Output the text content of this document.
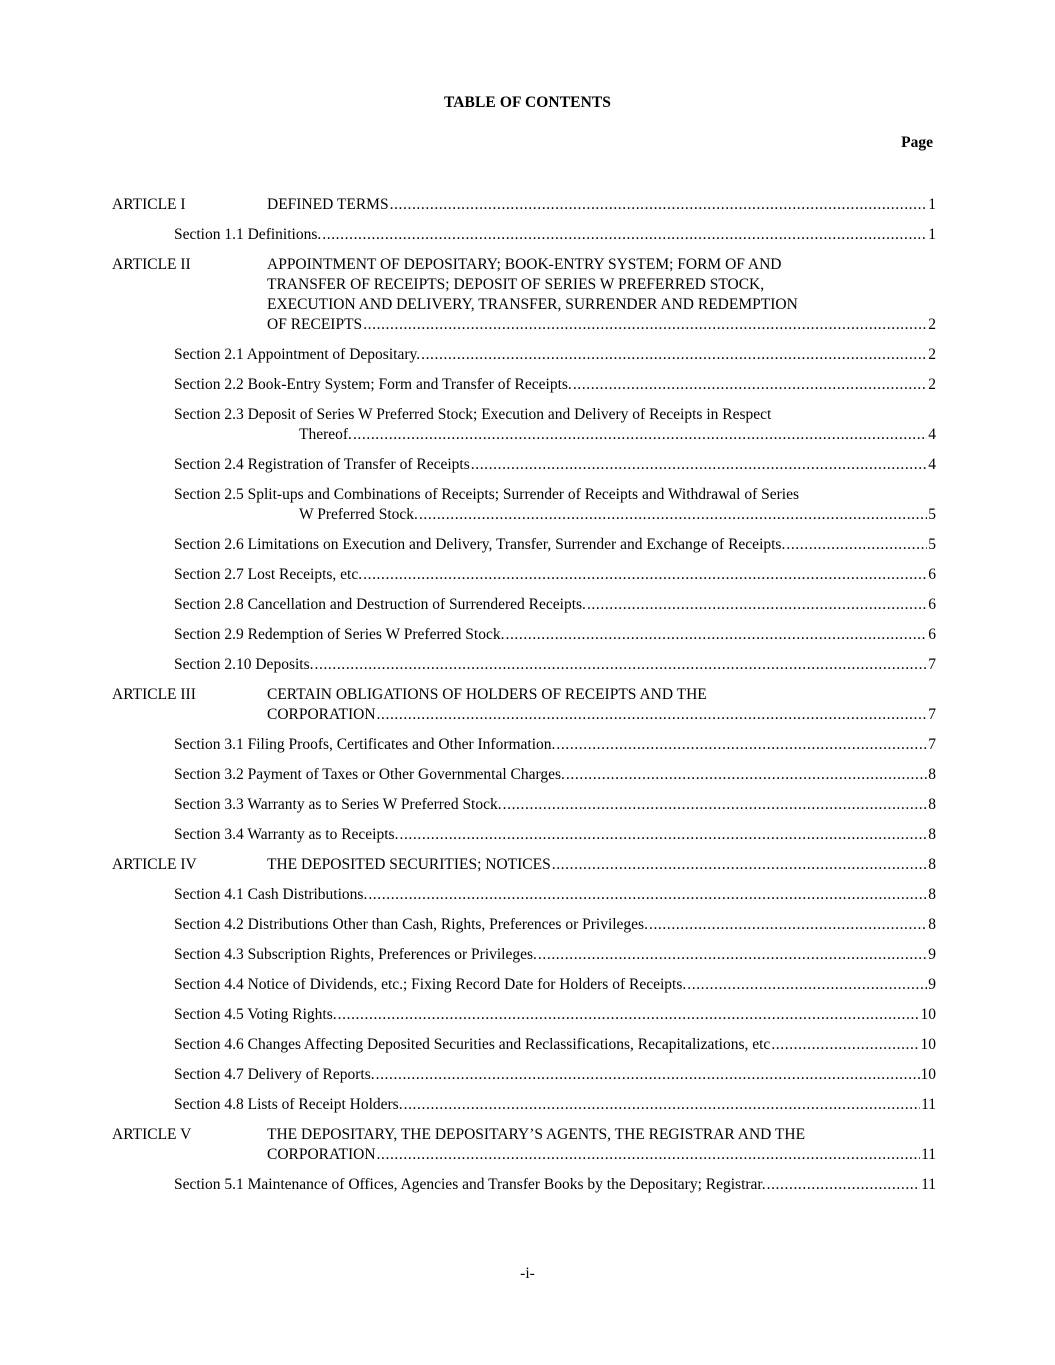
TABLE OF CONTENTS
Page
ARTICLE I	DEFINED TERMS .....	1
Section 1.1 Definitions. .....	1
ARTICLE II	APPOINTMENT OF DEPOSITARY; BOOK-ENTRY SYSTEM; FORM OF AND
TRANSFER OF RECEIPTS; DEPOSIT OF SERIES W PREFERRED STOCK,
EXECUTION AND DELIVERY, TRANSFER, SURRENDER AND REDEMPTION
OF RECEIPTS .....	2
Section 2.1 Appointment of Depositary. .....	2
Section 2.2 Book-Entry System; Form and Transfer of Receipts. .....	2
Section 2.3 Deposit of Series W Preferred Stock; Execution and Delivery of Receipts in Respect
Thereof. .....	4
Section 2.4 Registration of Transfer of Receipts .....	4
Section 2.5 Split-ups and Combinations of Receipts; Surrender of Receipts and Withdrawal of Series
W Preferred Stock. .....	5
Section 2.6 Limitations on Execution and Delivery, Transfer, Surrender and Exchange of Receipts. .....	5
Section 2.7 Lost Receipts, etc. .....	6
Section 2.8 Cancellation and Destruction of Surrendered Receipts. .....	6
Section 2.9 Redemption of Series W Preferred Stock. .....	6
Section 2.10 Deposits. .....	7
ARTICLE III	CERTAIN OBLIGATIONS OF HOLDERS OF RECEIPTS AND THE
CORPORATION .....	7
Section 3.1 Filing Proofs, Certificates and Other Information. .....	7
Section 3.2 Payment of Taxes or Other Governmental Charges. .....	8
Section 3.3 Warranty as to Series W Preferred Stock. .....	8
Section 3.4 Warranty as to Receipts. .....	8
ARTICLE IV	THE DEPOSITED SECURITIES; NOTICES .....	8
Section 4.1 Cash Distributions. .....	8
Section 4.2 Distributions Other than Cash, Rights, Preferences or Privileges. .....	8
Section 4.3 Subscription Rights, Preferences or Privileges. .....	9
Section 4.4 Notice of Dividends, etc.; Fixing Record Date for Holders of Receipts. .....	9
Section 4.5 Voting Rights. .....	10
Section 4.6 Changes Affecting Deposited Securities and Reclassifications, Recapitalizations, etc .....	10
Section 4.7 Delivery of Reports. .....	10
Section 4.8 Lists of Receipt Holders. .....	11
ARTICLE V	THE DEPOSITARY, THE DEPOSITARY’S AGENTS, THE REGISTRAR AND THE
CORPORATION .....	11
Section 5.1 Maintenance of Offices, Agencies and Transfer Books by the Depositary; Registrar. .....	11
-i-
